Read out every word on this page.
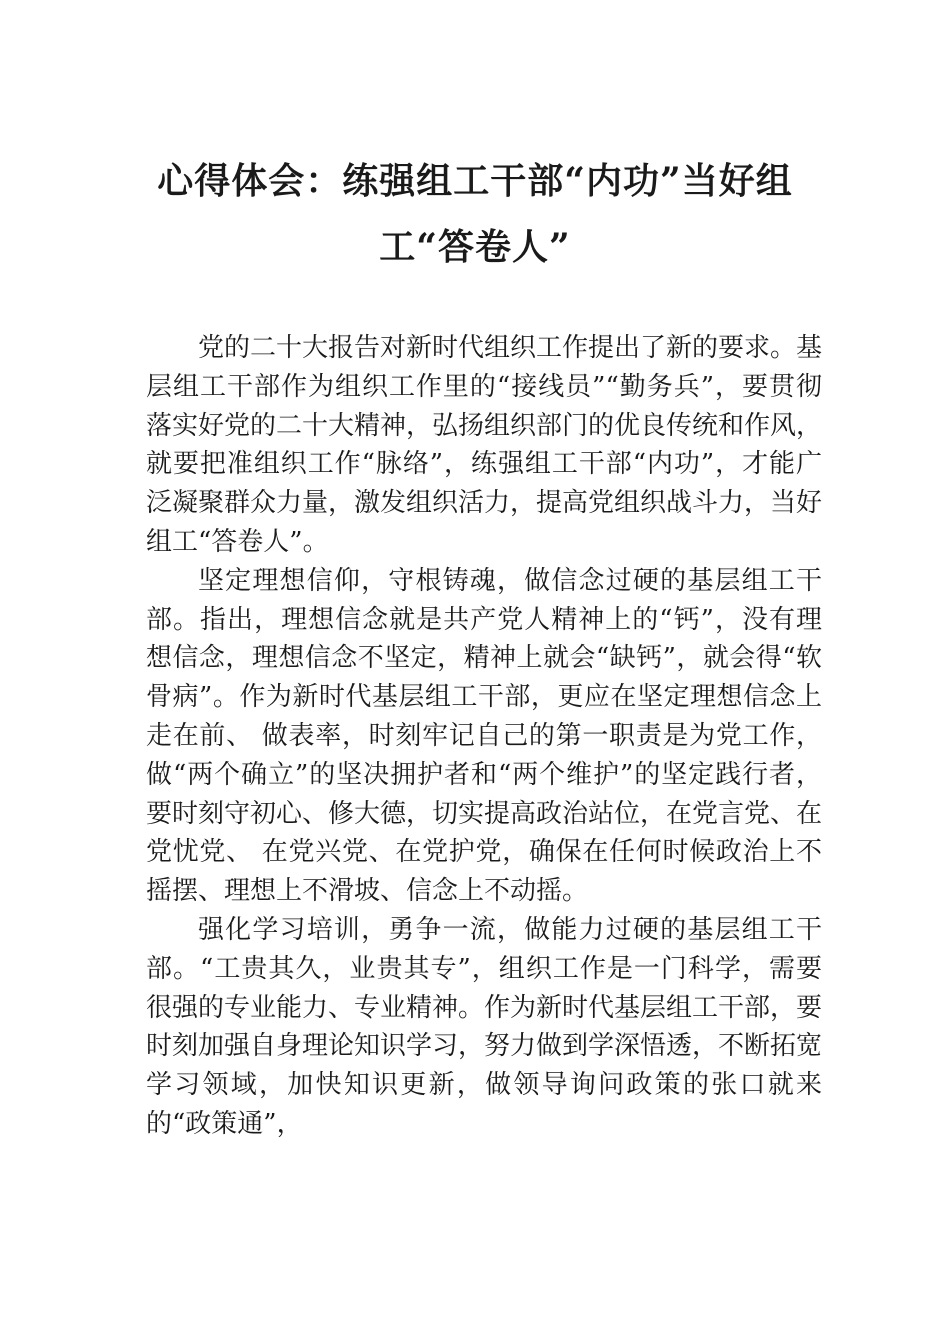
心得体会：练强组工干部“内功”当好组工“答卷人”

党的二十大报告对新时代组织工作提出了新的要求。基层组工干部作为组织工作里的“接线员”“勤务兵”，要贯彻落实好党的二十大精神，弘扬组织部门的优良传统和作风， 就要把准组织工作“脉络”，练强组工干部“内功”，才能广泛凝聚群众力量，激发组织活力，提高党组织战斗力，当好组工“答卷人”。

坚定理想信仰，守根铸魂，做信念过硬的基层组工干部。指出，理想信念就是共产党人精神上的“钙”，没有理想信念，理想信念不坚定，精神上就会“缺钙”，就会得“软骨病”。作为新时代基层组工干部，更应在坚定理想信念上走在前、 做表率，时刻牢记自己的第一职责是为党工作，做“两个确立”的坚决拥护者和“两个维护”的坚定践行者，要时刻守初心、修大德，切实提高政治站位，在党言党、在党忧党、 在党兴党、在党护党，确保在任何时候政治上不摇摆、理想上不滑坡、信念上不动摇。

强化学习培训，勇争一流，做能力过硬的基层组工干部。“工贵其久，业贵其专”，组织工作是一门科学，需要很强的专业能力、专业精神。作为新时代基层组工干部，要时刻加强自身理论知识学习，努力做到学深悟透，不断拓宽学习领域，加快知识更新，做领导询问政策的张口就来的“政策通”，
